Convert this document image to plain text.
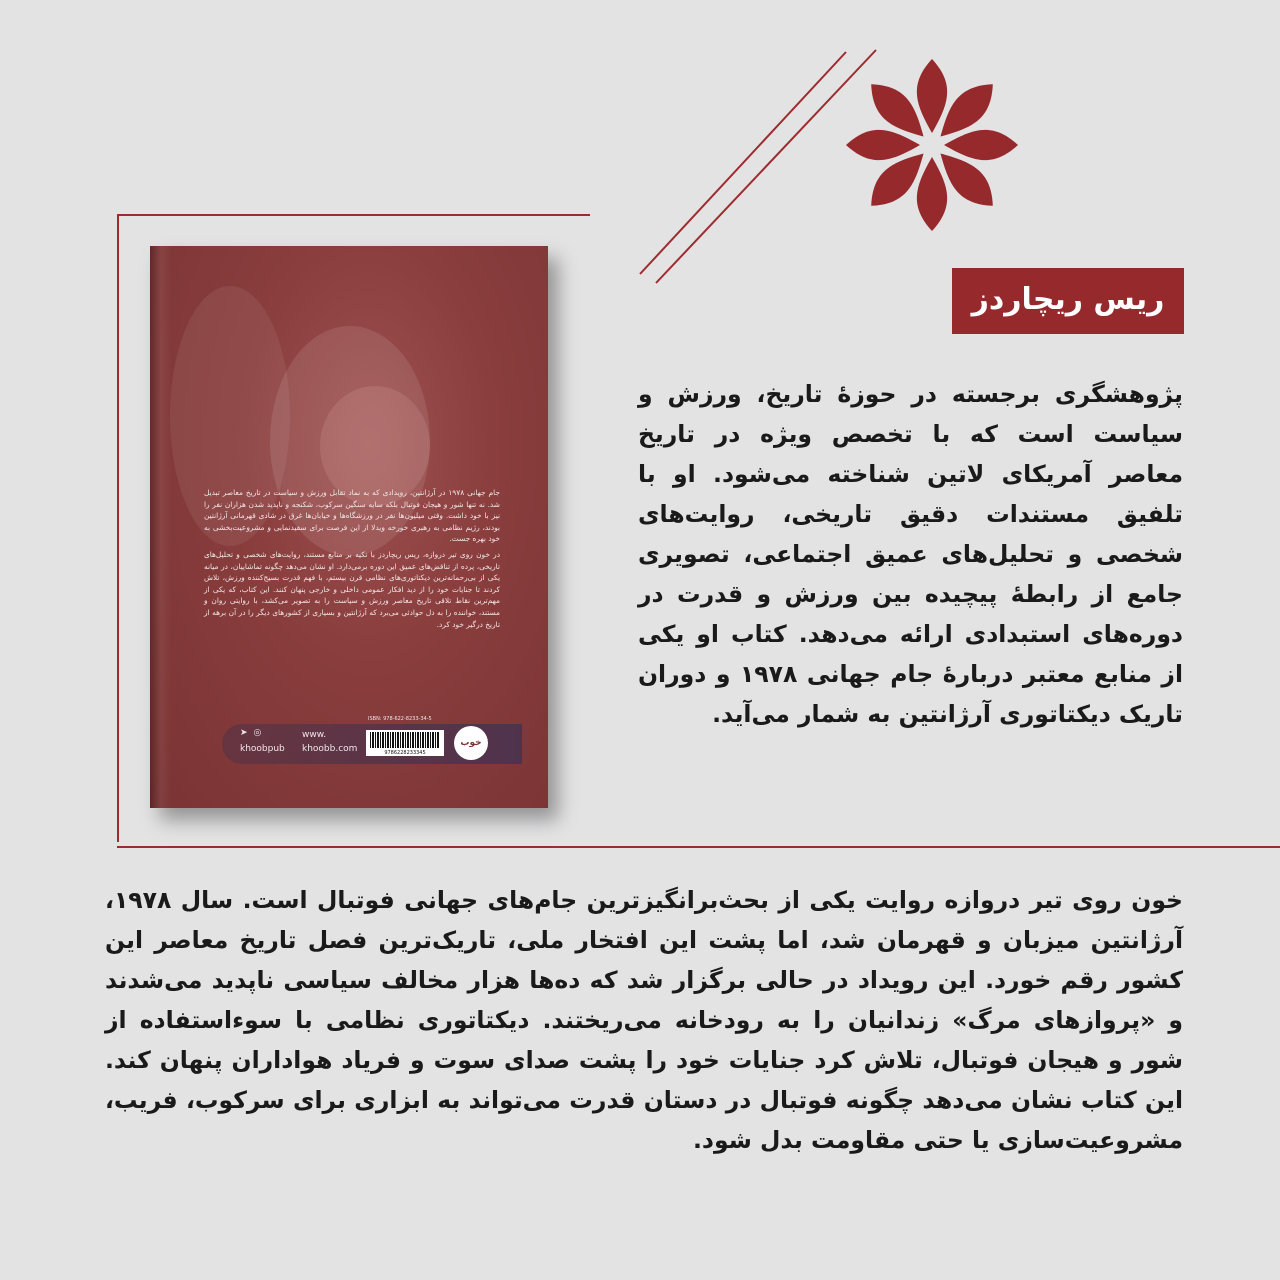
جام جهانی ۱۹۷۸ در آرژانتین، رویدادی که به نماد تقابل ورزش و سیاست در تاریخ معاصر تبدیل شد. نه تنها شور و هیجان فوتبال بلکه سایه سنگین سرکوب، شکنجه و ناپدید شدن هزاران نفر را نیز با خود داشت. وقتی میلیون‌ها نفر در ورزشگاه‌ها و خیابان‌ها غرق در شادی قهرمانی آرژانتین بودند، رژیم نظامی به رهبری خورخه ویدلا از این فرصت برای سفیدنمایی و مشروعیت‌بخشی به خود بهره جست.

در خون روی تیر دروازه، ریس ریچاردز با تکیه بر منابع مستند، روایت‌های شخصی و تحلیل‌های تاریخی، پرده از تناقض‌های عمیق این دوره برمی‌دارد. او نشان می‌دهد چگونه تماشاییان، در میانه یکی از بی‌رحمانه‌ترین دیکتاتوری‌های نظامی قرن بیستم، با فهم قدرت بسیج‌کننده ورزش، تلاش کردند تا جنایات خود را از دید افکار عمومی داخلی و خارجی پنهان کنند. این کتاب، که یکی از مهم‌ترین نقاط تلاقی تاریخ معاصر ورزش و سیاست را به تصویر می‌کشد، با روایتی روان و مستند، خواننده را به دل حوادثی می‌برد که آرژانتین و بسیاری از کشورهای دیگر را در آن برهه از تاریخ درگیر خود کرد.

➤◎
khoobpub
www.
khoobb.com	9786228233345
ISBN: 978-622-8233-34-5
خوب
ریس ریچاردز

پژوهشگری برجسته در حوزهٔ تاریخ، ورزش و سیاست است که با تخصص ویژه در تاریخ معاصر آمریکای لاتین شناخته می‌شود. او با تلفیق مستندات دقیق تاریخی، روایت‌های شخصی و تحلیل‌های عمیق اجتماعی، تصویری جامع از رابطهٔ پیچیده بین ورزش و قدرت در دوره‌های استبدادی ارائه می‌دهد. کتاب او یکی از منابع معتبر دربارهٔ جام جهانی ۱۹۷۸ و دوران تاریک دیکتاتوری آرژانتین به شمار می‌آید.

خون روی تیر دروازه روایت یکی از بحث‌برانگیزترین جام‌های جهانی فوتبال است. سال ۱۹۷۸، آرژانتین میزبان و قهرمان شد، اما پشت این افتخار ملی، تاریک‌ترین فصل تاریخ معاصر این کشور رقم خورد. این رویداد در حالی برگزار شد که ده‌ها هزار مخالف سیاسی ناپدید می‌شدند و «پروازهای مرگ» زندانیان را به رودخانه می‌ریختند. دیکتاتوری نظامی با سوءاستفاده از شور و هیجان فوتبال، تلاش کرد جنایات خود را پشت صدای سوت و فریاد هواداران پنهان کند. این کتاب نشان می‌دهد چگونه فوتبال در دستان قدرت می‌تواند به ابزاری برای سرکوب، فریب، مشروعیت‌سازی یا حتی مقاومت بدل شود.
